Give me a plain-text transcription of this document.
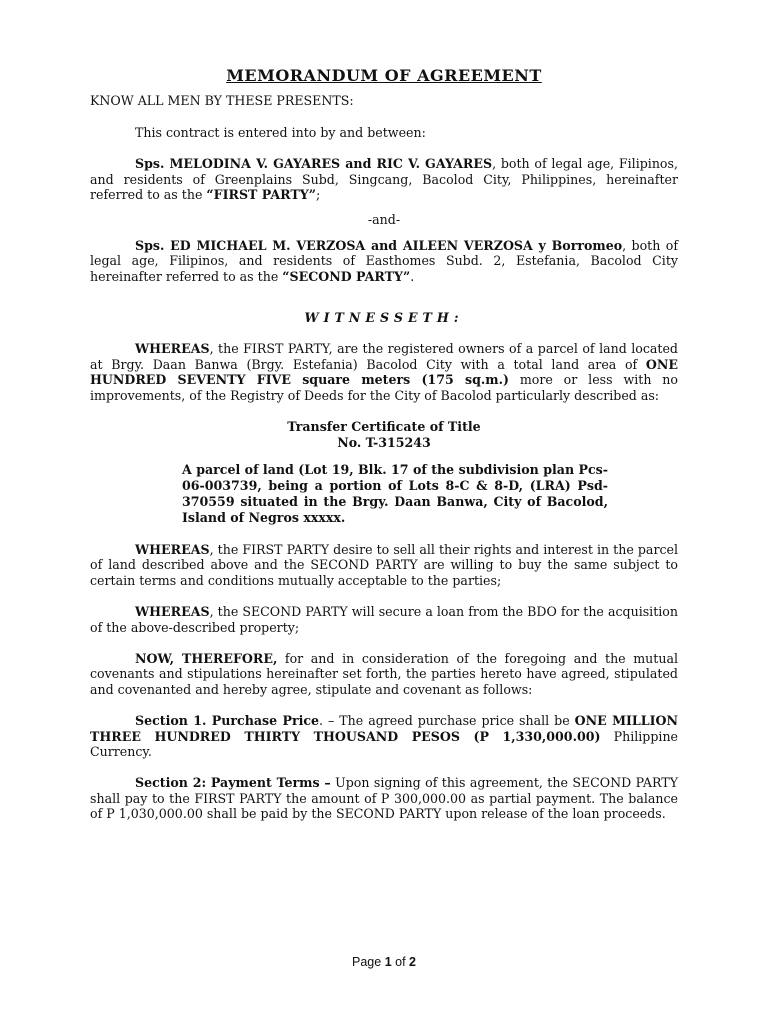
MEMORANDUM OF AGREEMENT

KNOW ALL MEN BY THESE PRESENTS:

This contract is entered into by and between:

Sps. MELODINA V. GAYARES and RIC V. GAYARES, both of legal age, Filipinos, and residents of Greenplains Subd, Singcang, Bacolod City, Philippines, hereinafter referred to as the “FIRST PARTY”;

-and-

Sps. ED MICHAEL M. VERZOSA and AILEEN VERZOSA y Borromeo, both of legal age, Filipinos, and residents of Easthomes Subd. 2, Estefania, Bacolod City hereinafter referred to as the “SECOND PARTY”.

WITNESSETH:

WHEREAS, the FIRST PARTY, are the registered owners of a parcel of land located at Brgy. Daan Banwa (Brgy. Estefania) Bacolod City with a total land area of ONE HUNDRED SEVENTY FIVE square meters (175 sq.m.) more or less with no improvements, of the Registry of Deeds for the City of Bacolod particularly described as:

Transfer Certificate of Title
No. T-315243

A parcel of land (Lot 19, Blk. 17 of the subdivision plan Pcs-06-003739, being a portion of Lots 8-C & 8-D, (LRA) Psd-370559 situated in the Brgy. Daan Banwa, City of Bacolod, Island of Negros xxxxx.

WHEREAS, the FIRST PARTY desire to sell all their rights and interest in the parcel of land described above and the SECOND PARTY are willing to buy the same subject to certain terms and conditions mutually acceptable to the parties;

WHEREAS, the SECOND PARTY will secure a loan from the BDO for the acquisition of the above-described property;

NOW, THEREFORE, for and in consideration of the foregoing and the mutual covenants and stipulations hereinafter set forth, the parties hereto have agreed, stipulated and covenanted and hereby agree, stipulate and covenant as follows:

Section 1. Purchase Price. – The agreed purchase price shall be ONE MILLION THREE HUNDRED THIRTY THOUSAND PESOS (P 1,330,000.00) Philippine Currency.

Section 2: Payment Terms – Upon signing of this agreement, the SECOND PARTY shall pay to the FIRST PARTY the amount of P 300,000.00 as partial payment. The balance of P 1,030,000.00 shall be paid by the SECOND PARTY upon release of the loan proceeds.

Page 1 of 2
